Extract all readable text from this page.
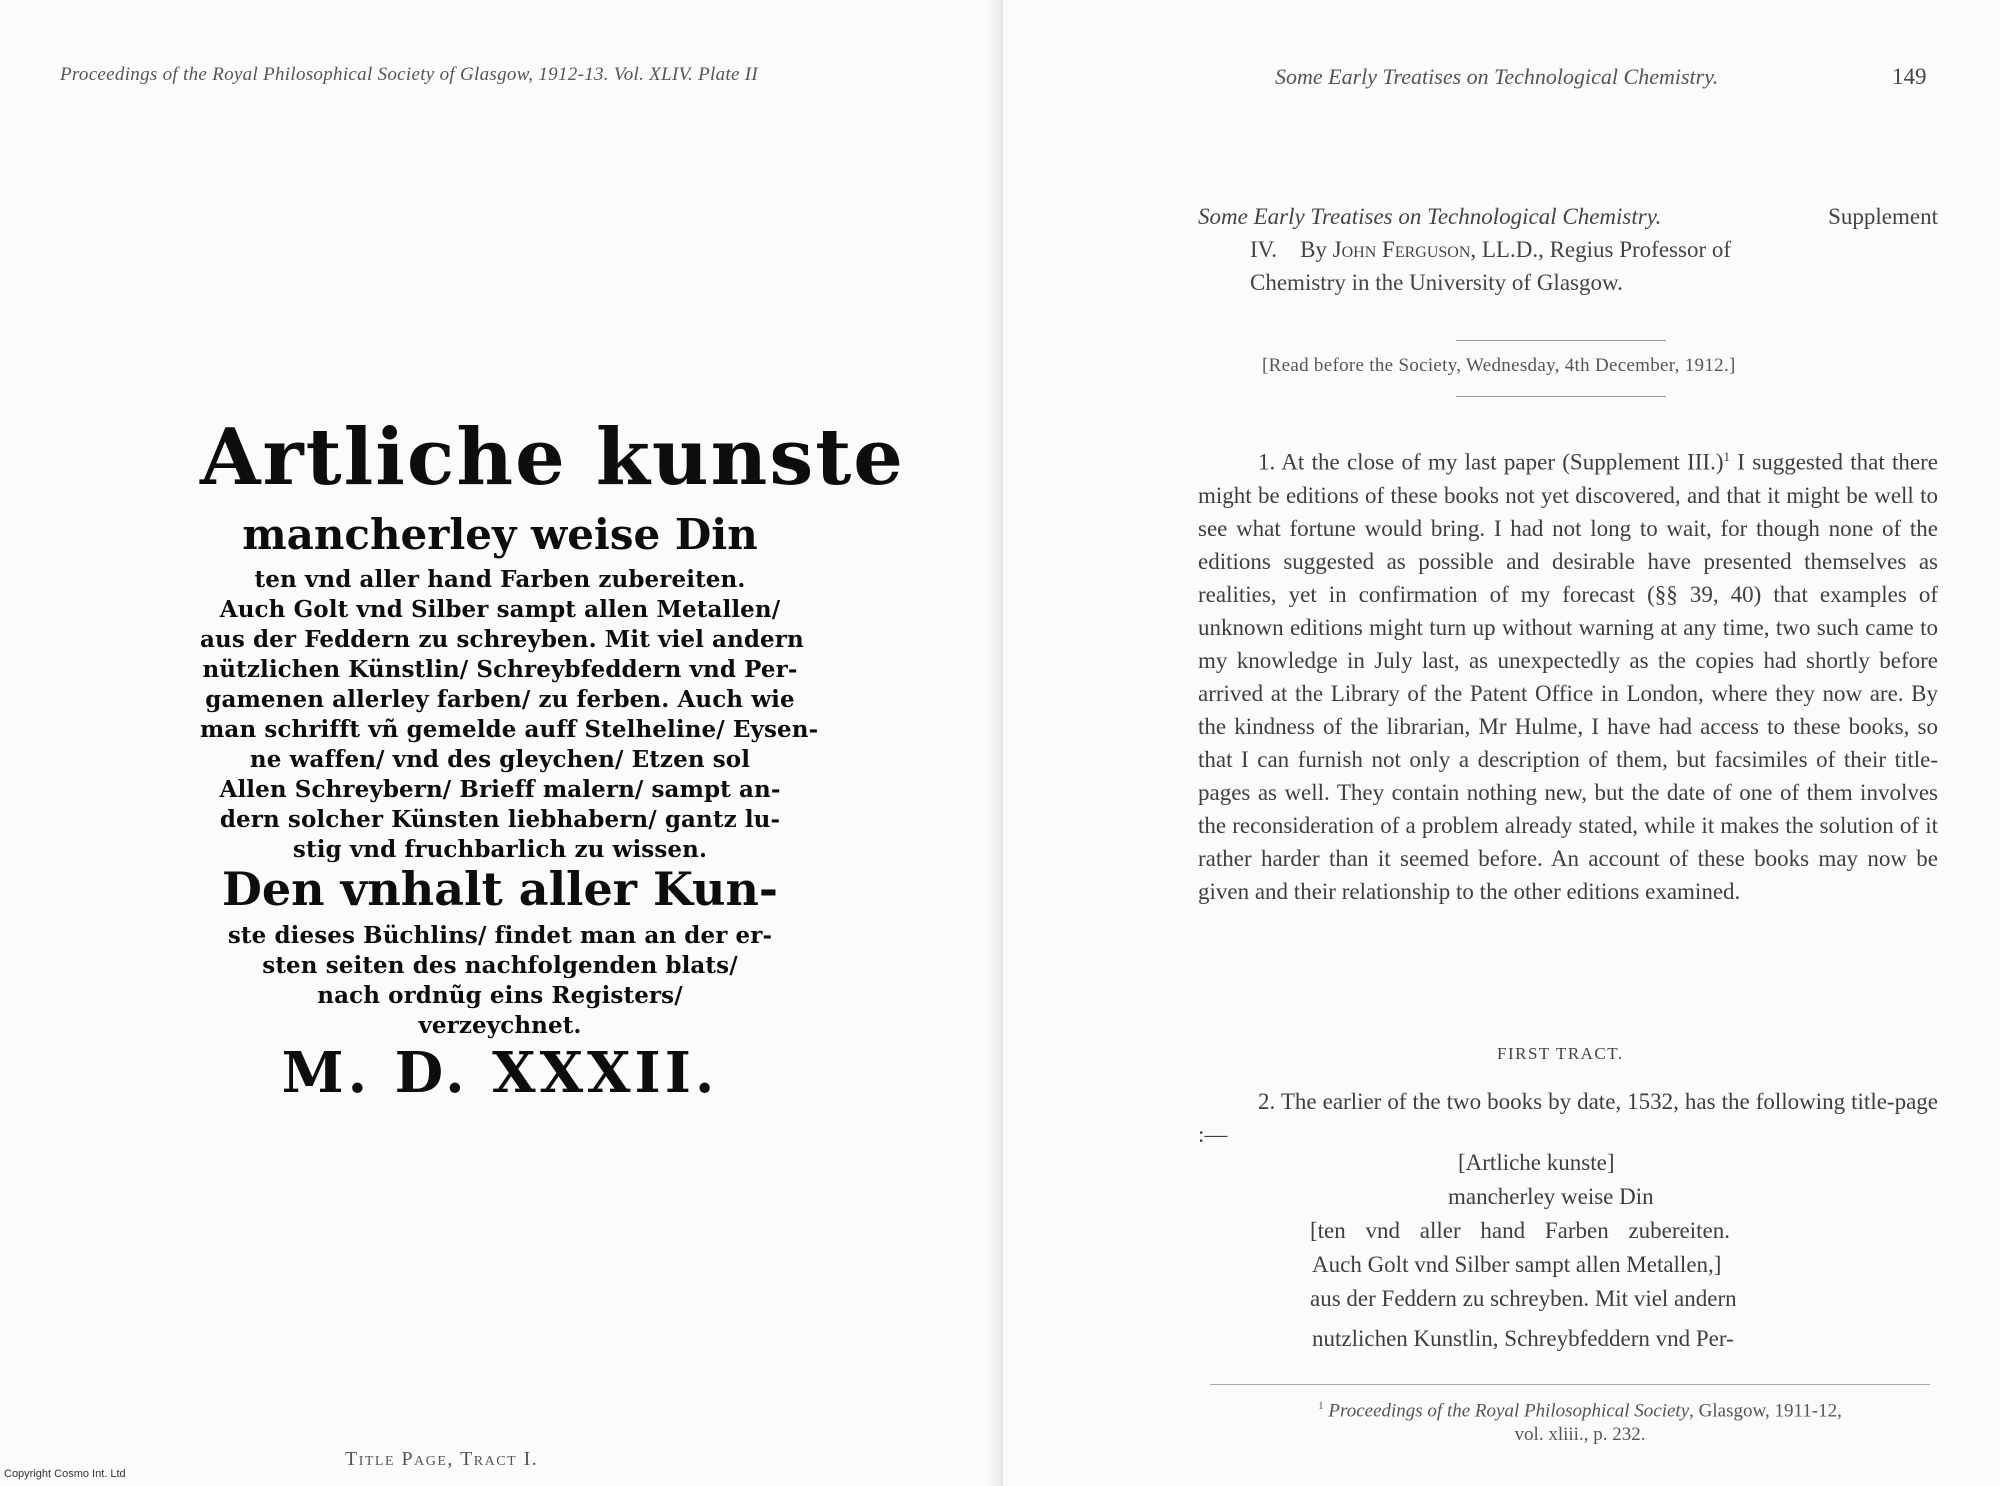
Proceedings of the Royal Philosophical Society of Glasgow, 1912-13. Vol. XLIV. Plate II
Artliche kunste
mancherley weise Din
ten vnd aller hand Farben zubereiten.
Auch Golt vnd Silber sampt allen Metallen/
aus der Feddern zu schreyben. Mit viel andern
nützlichen Künstlin/ Schreybfeddern vnd Per-
gamenen allerley farben/ zu ferben. Auch wie
man schrifft vñ gemelde auff Stelheline/ Eysen-
ne waffen/ vnd des gleychen/ Etzen sol
Allen Schreybern/ Brieff malern/ sampt an-
dern solcher Künsten liebhabern/ gantz lu-
stig vnd fruchbarlich zu wissen.
Den vnhalt aller Kun-
ste dieses Büchlins/ findet man an der er-
sten seiten des nachfolgenden blats/
nach ordnũg eins Registers/
verzeychnet.
M. D. XXXII.
Title Page, Tract I.
Copyright Cosmo Int. Ltd
Some Early Treatises on Technological Chemistry.	149

Some Early Treatises on Technological Chemistry.	Supplement

IV. By John Ferguson, LL.D., Regius Professor of

Chemistry in the University of Glasgow.

[Read before the Society, Wednesday, 4th December, 1912.]

1. At the close of my last paper (Supplement III.)$^1$ I suggested that there might be editions of these books not yet discovered, and that it might be well to see what fortune would bring. I had not long to wait, for though none of the editions suggested as possible and desirable have presented themselves as realities, yet in confirmation of my forecast (§§ 39, 40) that examples of unknown editions might turn up without warning at any time, two such came to my knowledge in July last, as unexpectedly as the copies had shortly before arrived at the Library of the Patent Office in London, where they now are. By the kindness of the librarian, Mr Hulme, I have had access to these books, so that I can furnish not only a description of them, but facsimiles of their title-pages as well. They contain nothing new, but the date of one of them involves the reconsideration of a problem already stated, while it makes the solution of it rather harder than it seemed before. An account of these books may now be given and their relationship to the other editions examined.

FIRST TRACT.

2. The earlier of the two books by date, 1532, has the following title-page :—

[Artliche kunste]
mancherley weise Din
[ten vnd aller hand Farben zubereiten.
Auch Golt vnd Silber sampt allen Metallen,]
aus der Feddern zu schreyben. Mit viel andern
nutzlichen Kunstlin, Schreybfeddern vnd Per-
$^1$ Proceedings of the Royal Philosophical Society, Glasgow, 1911-12,
vol. xliii., p. 232.
